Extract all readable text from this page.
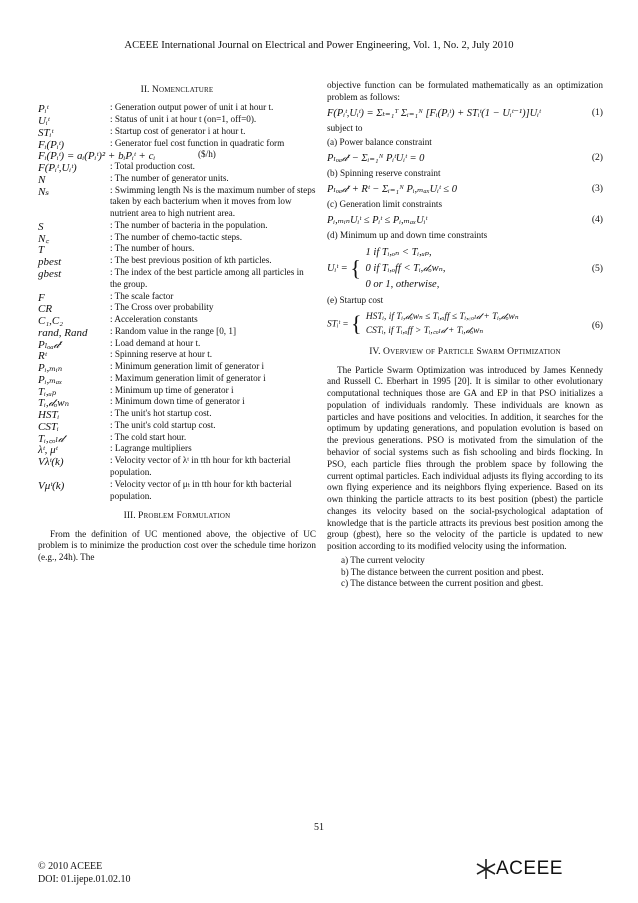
ACEEE International Journal on Electrical and Power Engineering, Vol. 1, No. 2, July 2010
II. Nomenclature
Pᵢᵗ	: Generation output power of unit i at hour t.
Uᵢᵗ	: Status of unit i at hour t (on=1, off=0).
STᵢᵗ	: Startup cost of generator i at hour t.
Fᵢ(Pᵢᵗ)	: Generator fuel cost function in quadratic form
Fᵢ(Pᵢᵗ) = aᵢ(Pᵢᵗ)² + bᵢPᵢᵗ + cᵢ	($/h)
F(Pᵢᵗ,Uᵢᵗ)	: Total production cost.
N	: The number of generator units.
Nₛ	: Swimming length Ns is the maximum number of steps taken by each bacterium when it moves from low nutrient area to high nutrient area.
S	: The number of bacteria in the population.
N꜀	: The number of chemo-tactic steps.
T	: The number of hours.
pbest	: The best previous position of kth particles.
gbest	: The index of the best particle among all particles in the group.
F	: The scale factor
CR	: The Cross over probability
C₁,C₂	: Acceleration constants
rand, Rand	: Random value in the range [0, 1]
Pₗₒₐ𝒹ᵗ	: Load demand at hour t.
Rᵗ	: Spinning reserve at hour t.
Pᵢ,ₘᵢₙ	: Minimum generation limit of generator i
Pᵢ,ₘₐₓ	: Maximum generation limit of generator i
Tᵢ,ᵤₚ	: Minimum up time of generator i
Tᵢ,𝒹ₒwₙ	: Minimum down time of generator i
HSTᵢ	: The unit's hot startup cost.
CSTᵢ	: The unit's cold startup cost.
Tᵢ,꜀ₒₗ𝒹	: The cold start hour.
λᵗ, μᵗ	: Lagrange multipliers
Vλᵗ(k)	: Velocity vector of λᵗ in tth hour for kth bacterial population.
Vμᵗ(k)	: Velocity vector of μₜ in tth hour for kth bacterial population.
III. Problem Formulation

From the definition of UC mentioned above, the objective of UC problem is to minimize the production cost over the schedule time horizon (e.g., 24h). The

objective function can be formulated mathematically as an optimization problem as follows:

F(Pᵢᵗ,Uᵢᵗ) = Σₜ₌₁ᵀ Σᵢ₌₁ᴺ [Fᵢ(Pᵢᵗ) + STᵢᵗ(1 − Uᵢᵗ⁻¹)]Uᵢᵗ	(1)
subject to
(a) Power balance constraint
Pₗₒₐ𝒹ᵗ − Σᵢ₌₁ᴺ PᵢᵗUᵢᵗ = 0	(2)
(b) Spinning reserve constraint
Pₗₒₐ𝒹ᵗ + Rᵗ − Σᵢ₌₁ᴺ Pᵢ,ₘₐₓUᵢᵗ ≤ 0	(3)
(c) Generation limit constraints
Pᵢ,ₘᵢₙUᵢᵗ ≤ Pᵢᵗ ≤ Pᵢ,ₘₐₓUᵢᵗ	(4)
(d) Minimum up and down time constraints
Uᵢᵗ = {
1 if Tᵢ,ₒₙ < Tᵢ,ᵤₚ,
0 if Tᵢ,ₒff < Tᵢ,𝒹ₒwₙ,
0 or 1, otherwise,
(5)
(e) Startup cost
STᵢᵗ = { HSTᵢ, if Tᵢ,𝒹ₒwₙ ≤ Tᵢ,ₒff ≤ Tᵢ,꜀ₒₗ𝒹 + Tᵢ,𝒹ₒwₙ
CSTᵢ, if Tᵢ,ₒff > Tᵢ,꜀ₒₗ𝒹 + Tᵢ,𝒹ₒwₙ
(6)
IV. Overview of Particle Swarm Optimization

The Particle Swarm Optimization was introduced by James Kennedy and Russell C. Eberhart in 1995 [20]. It is similar to other evolutionary computational techniques those are GA and EP in that PSO initializes a population of individuals randomly. These individuals are known as particles and have positions and velocities. In addition, it searches for the optimum by updating generations, and population evolution is based on the previous generations. PSO is motivated from the simulation of the behavior of social systems such as fish schooling and birds flocking. In PSO, each particle flies through the problem space by following the current optimal particles. Each individual adjusts its flying according to its own flying experience and its neighbors flying experience. Based on its own thinking the particle attracts to its best position (pbest) the particle changes its velocity based on the social-psychological adaptation of knowledge that is the particle attracts its previous best position among the group (gbest), here so the velocity of the particle is updated to new position according to its modified velocity using the information.

a) The current velocity
b) The distance between the current position and pbest.
c) The distance between the current position and gbest.
51
© 2010 ACEEE
DOI: 01.ijepe.01.02.10
ACEEE
